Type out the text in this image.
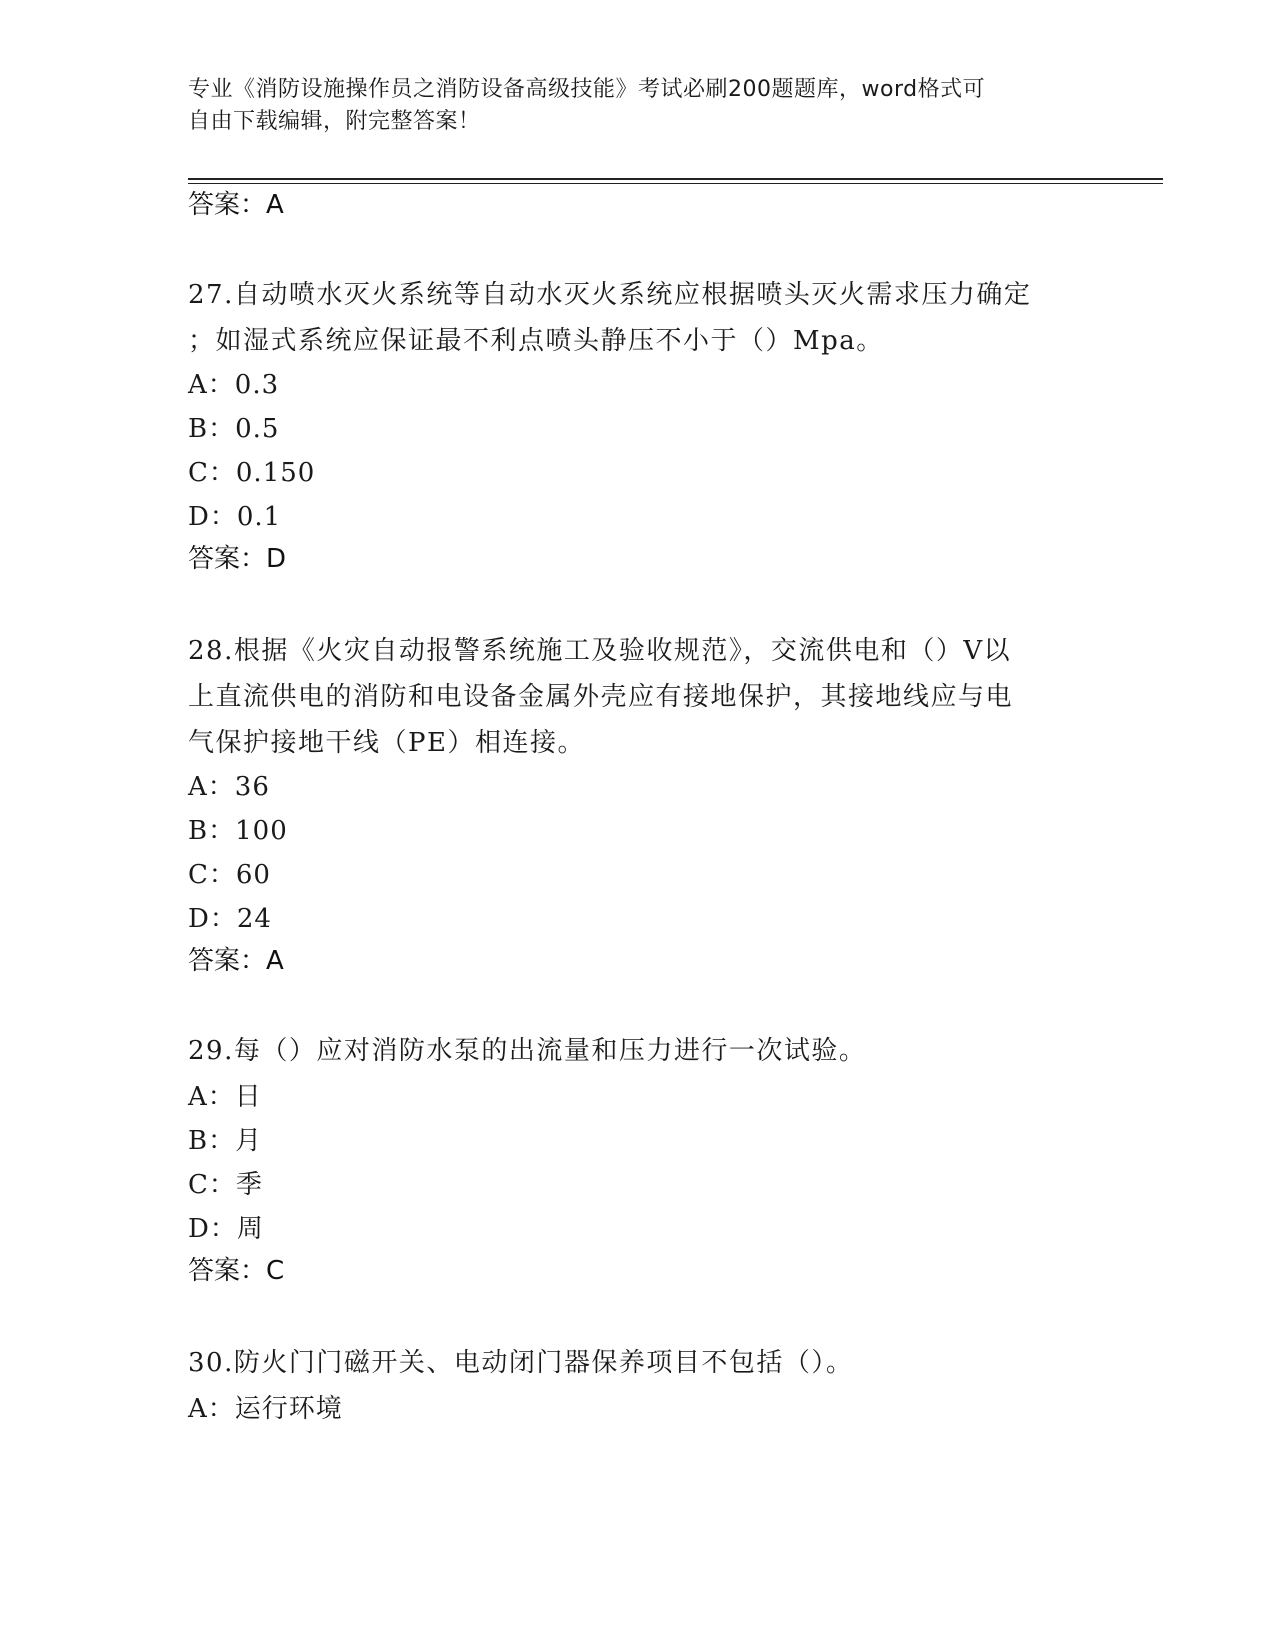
专业《消防设施操作员之消防设备高级技能》考试必刷200题题库，word格式可
自由下载编辑，附完整答案！
答案：A
27.自动喷水灭火系统等自动水灭火系统应根据喷头灭火需求压力确定
；如湿式系统应保证最不利点喷头静压不小于（）Mpa。
A：0.3
B：0.5
C：0.150
D：0.1
答案：D
28.根据《火灾自动报警系统施工及验收规范》，交流供电和（）V以
上直流供电的消防和电设备金属外壳应有接地保护，其接地线应与电
气保护接地干线（PE）相连接。
A：36
B：100
C：60
D：24
答案：A
29.每（）应对消防水泵的出流量和压力进行一次试验。
A：日
B：月
C：季
D：周
答案：C
30.防火门门磁开关、电动闭门器保养项目不包括（）。
A：运行环境
